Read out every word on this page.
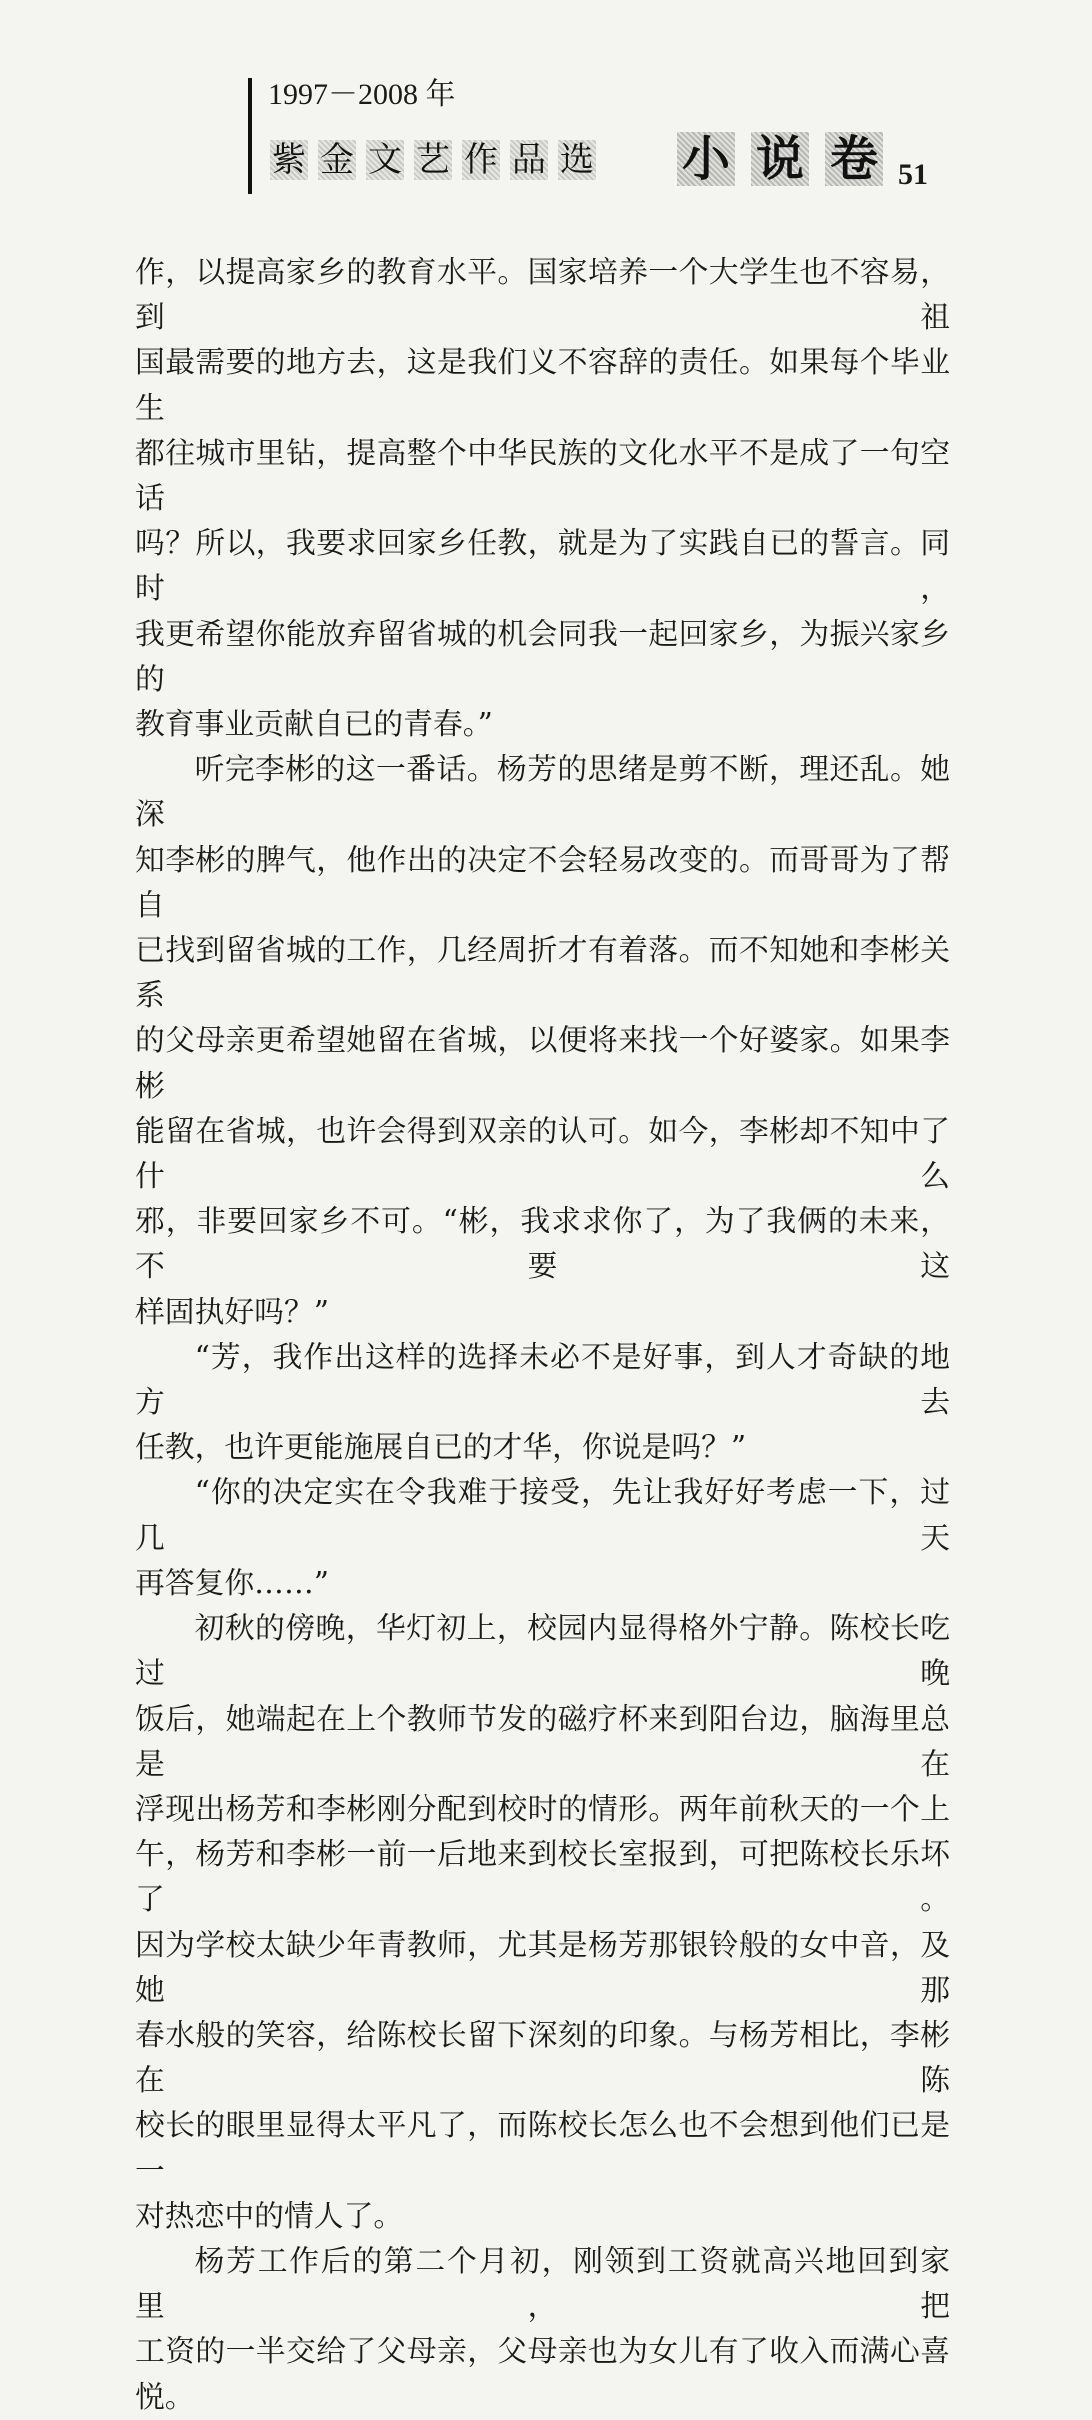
1997－2008 年
紫 金 文 艺 作 品 选 小 说 卷 51

作，以提高家乡的教育水平。国家培养一个大学生也不容易，到祖

国最需要的地方去，这是我们义不容辞的责任。如果每个毕业生

都往城市里钻，提高整个中华民族的文化水平不是成了一句空话

吗？所以，我要求回家乡任教，就是为了实践自已的誓言。同时，

我更希望你能放弃留省城的机会同我一起回家乡，为振兴家乡的

教育事业贡献自已的青春。”

听完李彬的这一番话。杨芳的思绪是剪不断，理还乱。她深

知李彬的脾气，他作出的决定不会轻易改变的。而哥哥为了帮自

已找到留省城的工作，几经周折才有着落。而不知她和李彬关系

的父母亲更希望她留在省城，以便将来找一个好婆家。如果李彬

能留在省城，也许会得到双亲的认可。如今，李彬却不知中了什么

邪，非要回家乡不可。“彬，我求求你了，为了我俩的未来，不要这

样固执好吗？”

“芳，我作出这样的选择未必不是好事，到人才奇缺的地方去

任教，也许更能施展自已的才华，你说是吗？”

“你的决定实在令我难于接受，先让我好好考虑一下，过几天

再答复你……”

初秋的傍晚，华灯初上，校园内显得格外宁静。陈校长吃过晚

饭后，她端起在上个教师节发的磁疗杯来到阳台边，脑海里总是在

浮现出杨芳和李彬刚分配到校时的情形。两年前秋天的一个上

午，杨芳和李彬一前一后地来到校长室报到，可把陈校长乐坏了。

因为学校太缺少年青教师，尤其是杨芳那银铃般的女中音，及她那

春水般的笑容，给陈校长留下深刻的印象。与杨芳相比，李彬在陈

校长的眼里显得太平凡了，而陈校长怎么也不会想到他们已是一

对热恋中的情人了。

杨芳工作后的第二个月初，刚领到工资就高兴地回到家里，把

工资的一半交给了父母亲，父母亲也为女儿有了收入而满心喜悦。
